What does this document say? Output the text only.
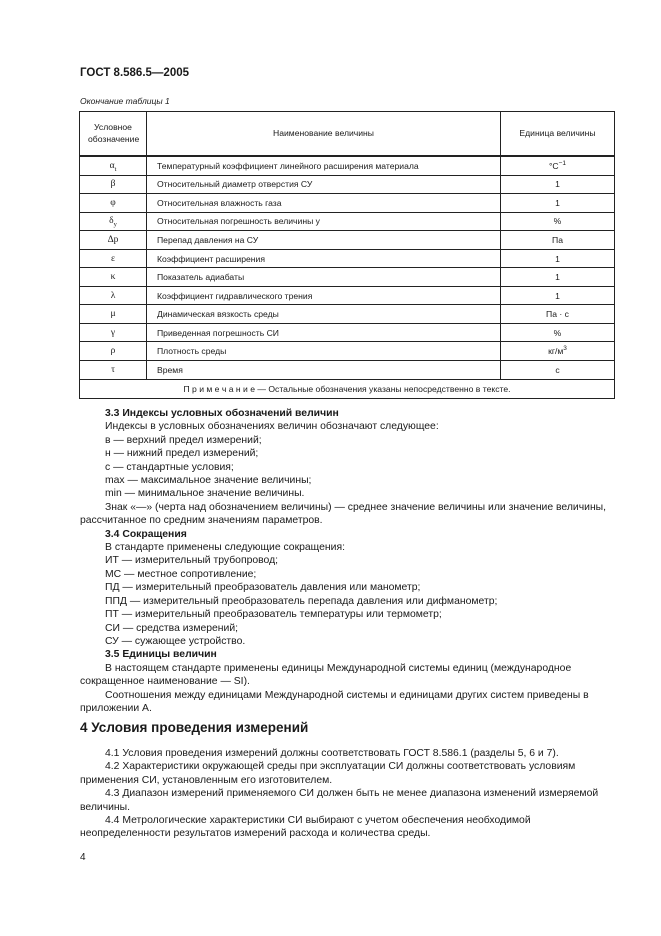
ГОСТ 8.586.5—2005
Окончание таблицы 1
Условное обозначение	Наименование величины	Единица величины
$\alpha_t$	Температурный коэффициент линейного расширения материала	$^\circ C^{-1}$
β	Относительный диаметр отверстия СУ	1
φ	Относительная влажность газа	1
$\delta_y$	Относительная погрешность величины y	%
Δp	Перепад давления на СУ	Па
ε	Коэффициент расширения	1
κ	Показатель адиабаты	1
λ	Коэффициент гидравлического трения	1
μ	Динамическая вязкость среды	Па · с
γ	Приведенная погрешность СИ	%
ρ	Плотность среды	$кг/м^3$
τ	Время	с
П р и м е ч а н и е — Остальные обозначения указаны непосредственно в тексте.		

3.3 Индексы условных обозначений величин

Индексы в условных обозначениях величин обозначают следующее:

в — верхний предел измерений;

н — нижний предел измерений;

с — стандартные условия;

max — максимальное значение величины;

min — минимальное значение величины.

Знак «—» (черта над обозначением величины) — среднее значение величины или значение величины, рассчитанное по средним значениям параметров.

3.4 Сокращения

В стандарте применены следующие сокращения:

ИТ — измерительный трубопровод;

МС — местное сопротивление;

ПД — измерительный преобразователь давления или манометр;

ППД — измерительный преобразователь перепада давления или дифманометр;

ПТ — измерительный преобразователь температуры или термометр;

СИ — средства измерений;

СУ — сужающее устройство.

3.5 Единицы величин

В настоящем стандарте применены единицы Международной системы единиц (международное сокращенное наименование — SI).

Соотношения между единицами Международной системы и единицами других систем приведены в приложении А.

4 Условия проведения измерений

4.1 Условия проведения измерений должны соответствовать ГОСТ 8.586.1 (разделы 5, 6 и 7).

4.2 Характеристики окружающей среды при эксплуатации СИ должны соответствовать условиям применения СИ, установленным его изготовителем.

4.3 Диапазон измерений применяемого СИ должен быть не менее диапазона изменений измеряемой величины.

4.4 Метрологические характеристики СИ выбирают с учетом обеспечения необходимой неопределенности результатов измерений расхода и количества среды.

4
